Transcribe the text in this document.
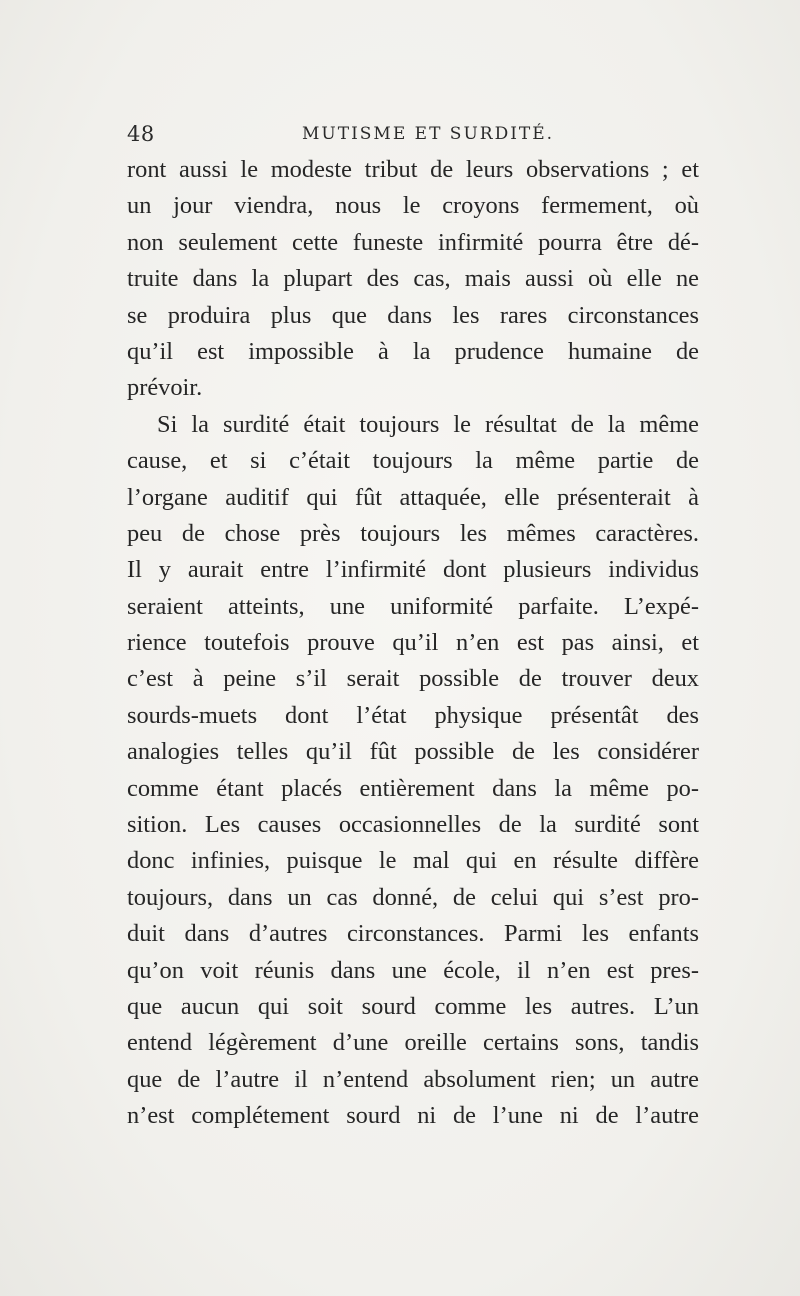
48	MUTISME ET SURDITÉ.
ront aussi le modeste tribut de leurs observations ; et
un jour viendra, nous le croyons fermement, où
non seulement cette funeste infirmité pourra être dé-
truite dans la plupart des cas, mais aussi où elle ne
se produira plus que dans les rares circonstances
qu’il est impossible à la prudence humaine de
prévoir.
Si la surdité était toujours le résultat de la même
cause, et si c’était toujours la même partie de
l’organe auditif qui fût attaquée, elle présenterait à
peu de chose près toujours les mêmes caractères.
Il y aurait entre l’infirmité dont plusieurs individus
seraient atteints, une uniformité parfaite. L’expé-
rience toutefois prouve qu’il n’en est pas ainsi, et
c’est à peine s’il serait possible de trouver deux
sourds-muets dont l’état physique présentât des
analogies telles qu’il fût possible de les considérer
comme étant placés entièrement dans la même po-
sition. Les causes occasionnelles de la surdité sont
donc infinies, puisque le mal qui en résulte diffère
toujours, dans un cas donné, de celui qui s’est pro-
duit dans d’autres circonstances. Parmi les enfants
qu’on voit réunis dans une école, il n’en est pres-
que aucun qui soit sourd comme les autres. L’un
entend légèrement d’une oreille certains sons, tandis
que de l’autre il n’entend absolument rien; un autre
n’est complétement sourd ni de l’une ni de l’autre
